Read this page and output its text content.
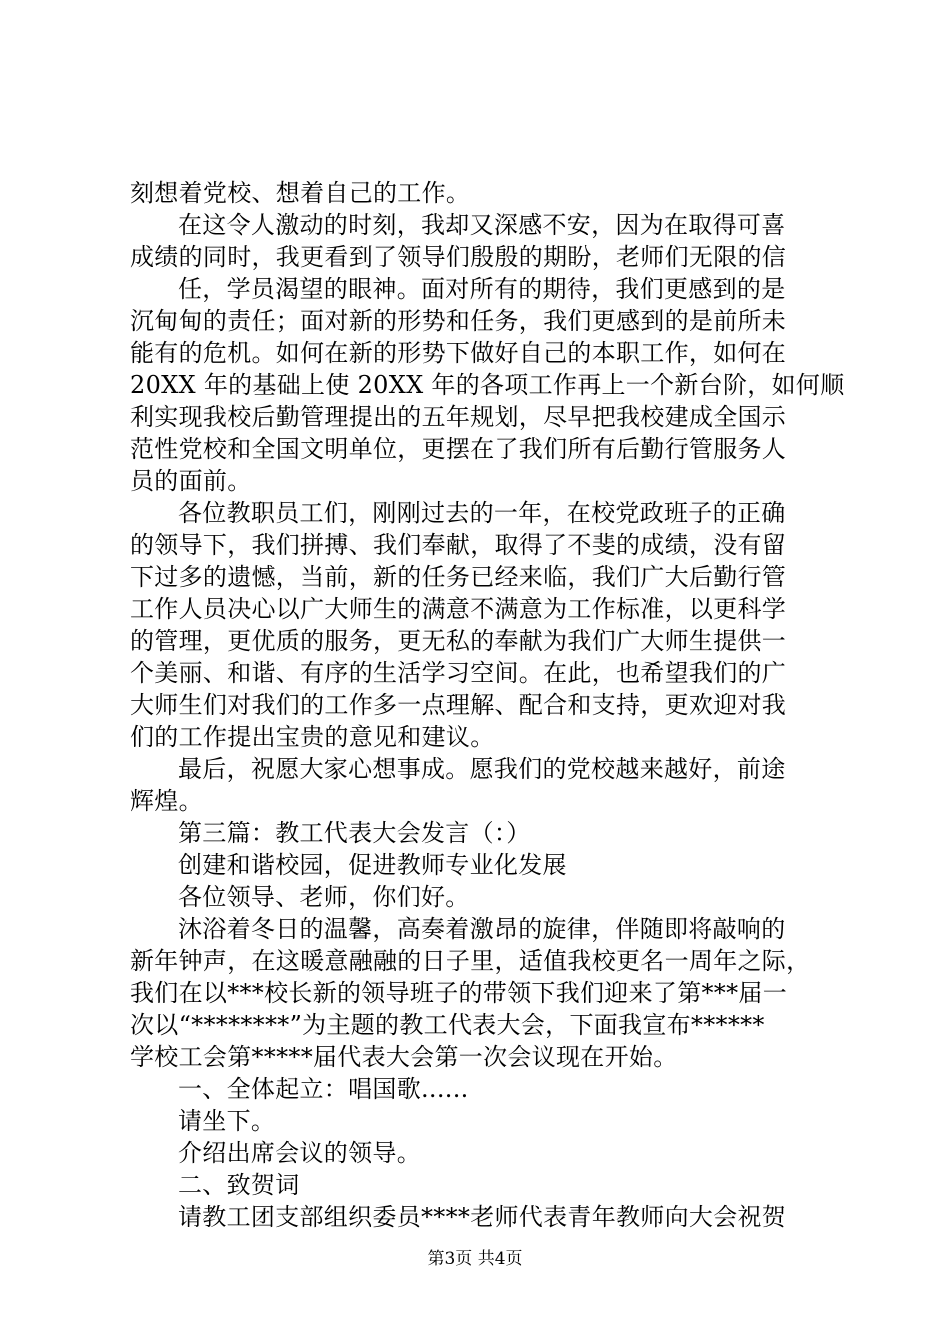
刻想着党校、想着自己的工作。
在这令人激动的时刻，我却又深感不安，因为在取得可喜
成绩的同时，我更看到了领导们殷殷的期盼，老师们无限的信
任，学员渴望的眼神。面对所有的期待，我们更感到的是
沉甸甸的责任；面对新的形势和任务，我们更感到的是前所未
能有的危机。如何在新的形势下做好自己的本职工作，如何在
20XX 年的基础上使 20XX 年的各项工作再上一个新台阶，如何顺
利实现我校后勤管理提出的五年规划，尽早把我校建成全国示
范性党校和全国文明单位，更摆在了我们所有后勤行管服务人
员的面前。
各位教职员工们，刚刚过去的一年，在校党政班子的正确
的领导下，我们拼搏、我们奉献，取得了不斐的成绩，没有留
下过多的遗憾，当前，新的任务已经来临，我们广大后勤行管
工作人员决心以广大师生的满意不满意为工作标准，以更科学
的管理，更优质的服务，更无私的奉献为我们广大师生提供一
个美丽、和谐、有序的生活学习空间。在此，也希望我们的广
大师生们对我们的工作多一点理解、配合和支持，更欢迎对我
们的工作提出宝贵的意见和建议。
最后，祝愿大家心想事成。愿我们的党校越来越好，前途
辉煌。
第三篇：教工代表大会发言（：）
创建和谐校园，促进教师专业化发展
各位领导、老师，你们好。
沐浴着冬日的温馨，高奏着激昂的旋律，伴随即将敲响的
新年钟声，在这暖意融融的日子里，适值我校更名一周年之际，
我们在以***校长新的领导班子的带领下我们迎来了第***届一
次以“********”为主题的教工代表大会，下面我宣布******
学校工会第*****届代表大会第一次会议现在开始。
一、全体起立：唱国歌......
请坐下。
介绍出席会议的领导。
二、致贺词
请教工团支部组织委员****老师代表青年教师向大会祝贺
第3页 共4页
